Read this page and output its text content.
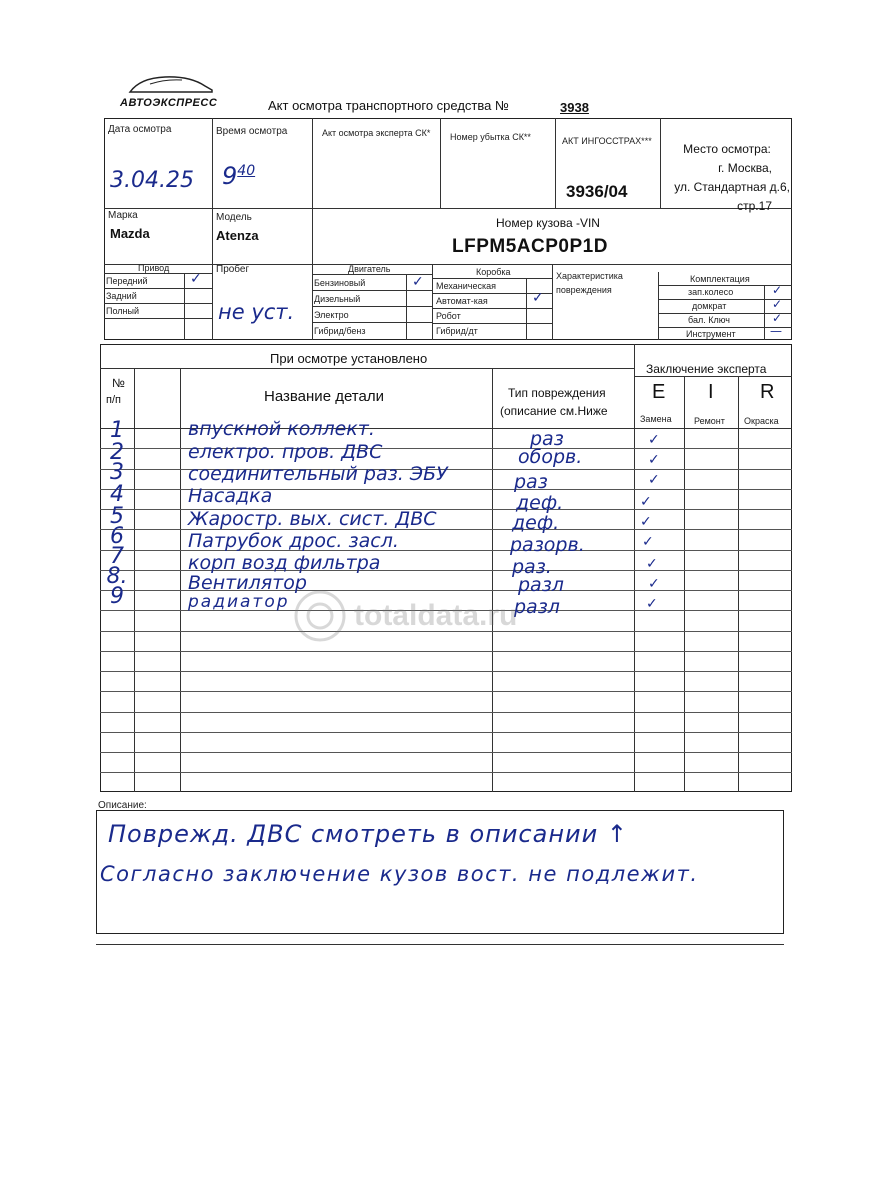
АВТОЭКСПРЕСС	Акт осмотра транспортного средства №	3938
Дата осмотра
3.04.25
Время осмотра
$9^{40}$
Акт осмотра эксперта СК* Номер убытка СК**	АКТ ИНГОССТРАХ***
3936/04
Место осмотра:
г. Москва,
ул. Стандартная д.6,
стр.17
Марка
Mazda
Модель
Atenza
Номер кузова -VIN
LFPM5ACP0P1D
Привод
Передний	✓
Задний
Полный
Пробег
не уст.
Двигатель
Бензиновый	✓
Дизельный
Электро
Гибрид/бенз
Коробка
Механическая
Автомат-кая	✓
Робот
Гибрид/дт
Характеристика
повреждения
Комплектация
зап.колесо	✓
домкрат	✓
бал. Ключ	✓
Инструмент	—
При осмотре установлено
Заключение эксперта
E I R
Замена Ремонт Окраска
№
п/п	Название детали	Тип повреждения
(описание см.Ниже
1	впускной коллект.	раз	✓
2	електро. пров. ДВС	оборв.	✓
3	соединительный раз. ЭБУ	раз	✓
4	Насадка	деф.	✓
5	Жаростр. вых. сист. ДВС	деф.	✓
6	Патрубок дрос. засл.	разорв.	✓
7	корп возд фильтра	раз.	✓
8.	Вентилятор	разл	✓
9	радиатор	разл	✓
totaldata.ru
Описание:
Поврежд. ДВС смотреть в описании ↑
Согласно заключение кузов вост. не подлежит.
